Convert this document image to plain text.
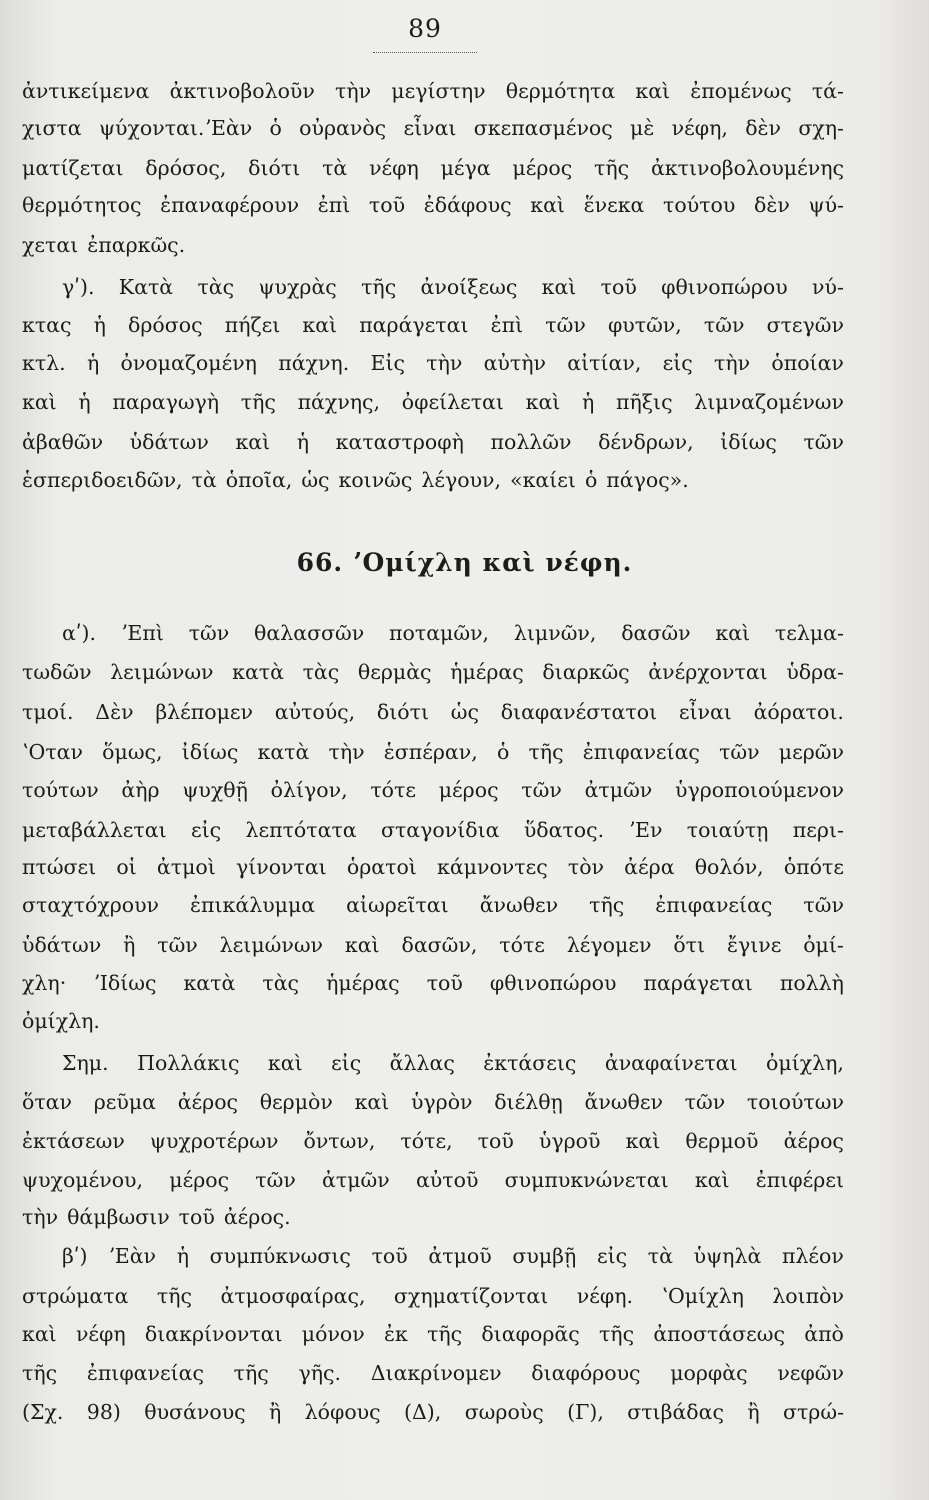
89
ἀντικείμενα ἀκτινοβολοῦν τὴν μεγίστην θερμότητα καὶ ἐπομένως τά-
χιστα ψύχονται.ʼΕὰν ὁ οὐρανὸς εἶναι σκεπασμένος μὲ νέφη, δὲν σχη-
ματίζεται δρόσος, διότι τὰ νέφη μέγα μέρος τῆς ἀκτινοβολουμένης
θερμότητος ἐπαναφέρουν ἐπὶ τοῦ ἐδάφους καὶ ἕνεκα τούτου δὲν ψύ-
χεται ἐπαρκῶς.
γʹ). Κατὰ τὰς ψυχρὰς τῆς ἀνοίξεως καὶ τοῦ φθινοπώρου νύ-
κτας ἡ δρόσος πήζει καὶ παράγεται ἐπὶ τῶν φυτῶν, τῶν στεγῶν
κτλ. ἡ ὀνομαζομένη πάχνη. Εἰς τὴν αὐτὴν αἰτίαν, εἰς τὴν ὁποίαν
καὶ ἡ παραγωγὴ τῆς πάχνης, ὀφείλεται καὶ ἡ πῆξις λιμναζομένων
ἀβαθῶν ὑδάτων καὶ ἡ καταστροφὴ πολλῶν δένδρων, ἰδίως τῶν
ἑσπεριδοειδῶν, τὰ ὁποῖα, ὡς κοινῶς λέγουν, «καίει ὁ πάγος».
αʹ). ʼΕπὶ τῶν θαλασσῶν ποταμῶν, λιμνῶν, δασῶν καὶ τελμα-
τωδῶν λειμώνων κατὰ τὰς θερμὰς ἡμέρας διαρκῶς ἀνέρχονται ὑδρα-
τμοί. Δὲν βλέπομεν αὐτούς, διότι ὡς διαφανέστατοι εἶναι ἀόρατοι.
ʽΟταν ὅμως, ἰδίως κατὰ τὴν ἑσπέραν, ὁ τῆς ἐπιφανείας τῶν μερῶν
τούτων ἀὴρ ψυχθῇ ὀλίγον, τότε μέρος τῶν ἀτμῶν ὑγροποιούμενον
μεταβάλλεται εἰς λεπτότατα σταγονίδια ὕδατος. ʼΕν τοιαύτῃ περι-
πτώσει οἱ ἀτμοὶ γίνονται ὁρατοὶ κάμνοντες τὸν ἀέρα θολόν, ὁπότε
σταχτόχρουν ἐπικάλυμμα αἰωρεῖται ἄνωθεν τῆς ἐπιφανείας τῶν
ὑδάτων ἢ τῶν λειμώνων καὶ δασῶν, τότε λέγομεν ὅτι ἔγινε ὀμί-
χλη· ʼΙδίως κατὰ τὰς ἡμέρας τοῦ φθινοπώρου παράγεται πολλὴ
ὀμίχλη.
Σημ. Πολλάκις καὶ εἰς ἄλλας ἐκτάσεις ἀναφαίνεται ὀμίχλη,
ὅταν ρεῦμα ἀέρος θερμὸν καὶ ὑγρὸν διέλθῃ ἄνωθεν τῶν τοιούτων
ἐκτάσεων ψυχροτέρων ὄντων, τότε, τοῦ ὑγροῦ καὶ θερμοῦ ἀέρος
ψυχομένου, μέρος τῶν ἀτμῶν αὐτοῦ συμπυκνώνεται καὶ ἐπιφέρει
τὴν θάμβωσιν τοῦ ἀέρος.
βʹ) ʼΕὰν ἡ συμπύκνωσις τοῦ ἀτμοῦ συμβῇ εἰς τὰ ὑψηλὰ πλέον
στρώματα τῆς ἀτμοσφαίρας, σχηματίζονται νέφη. ʽΟμίχλη λοιπὸν
καὶ νέφη διακρίνονται μόνον ἐκ τῆς διαφορᾶς τῆς ἀποστάσεως ἀπὸ
τῆς ἐπιφανείας τῆς γῆς. Διακρίνομεν διαφόρους μορφὰς νεφῶν
(Σχ. 98) θυσάνους ἢ λόφους (Δ), σωροὺς (Γ), στιβάδας ἢ στρώ-
66. ʼΟμίχλη καὶ νέφη.
